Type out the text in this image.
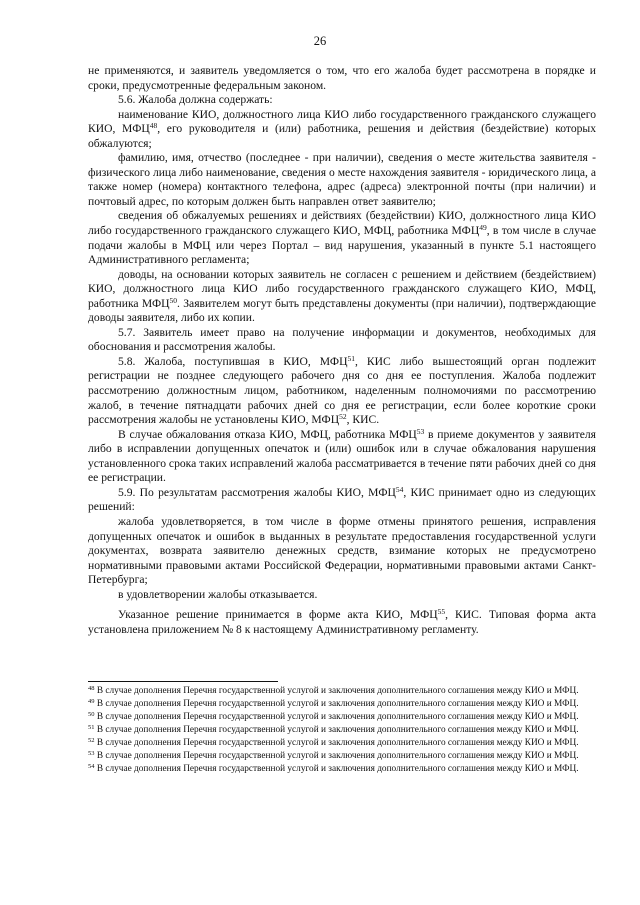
26

не применяются, и заявитель уведомляется о том, что его жалоба будет рассмотрена в порядке и сроки, предусмотренные федеральным законом.

5.6. Жалоба должна содержать:

наименование КИО, должностного лица КИО либо государственного гражданского служащего КИО, МФЦ$^{48}$, его руководителя и (или) работника, решения и действия (бездействие) которых обжалуются;

фамилию, имя, отчество (последнее - при наличии), сведения о месте жительства заявителя - физического лица либо наименование, сведения о месте нахождения заявителя - юридического лица, а также номер (номера) контактного телефона, адрес (адреса) электронной почты (при наличии) и почтовый адрес, по которым должен быть направлен ответ заявителю;

сведения об обжалуемых решениях и действиях (бездействии) КИО, должностного лица КИО либо государственного гражданского служащего КИО, МФЦ, работника МФЦ$^{49}$, в том числе в случае подачи жалобы в МФЦ или через Портал – вид нарушения, указанный в пункте 5.1 настоящего Административного регламента;

доводы, на основании которых заявитель не согласен с решением и действием (бездействием) КИО, должностного лица КИО либо государственного гражданского служащего КИО, МФЦ, работника МФЦ$^{50}$. Заявителем могут быть представлены документы (при наличии), подтверждающие доводы заявителя, либо их копии.

5.7. Заявитель имеет право на получение информации и документов, необходимых для обоснования и рассмотрения жалобы.

5.8. Жалоба, поступившая в КИО, МФЦ$^{51}$, КИС либо вышестоящий орган подлежит регистрации не позднее следующего рабочего дня со дня ее поступления. Жалоба подлежит рассмотрению должностным лицом, работником, наделенным полномочиями по рассмотрению жалоб, в течение пятнадцати рабочих дней со дня ее регистрации, если более короткие сроки рассмотрения жалобы не установлены КИО, МФЦ$^{52}$, КИС.

В случае обжалования отказа КИО, МФЦ, работника МФЦ$^{53}$ в приеме документов у заявителя либо в исправлении допущенных опечаток и (или) ошибок или в случае обжалования нарушения установленного срока таких исправлений жалоба рассматривается в течение пяти рабочих дней со дня ее регистрации.

5.9. По результатам рассмотрения жалобы КИО, МФЦ$^{54}$, КИС принимает одно из следующих решений:

жалоба удовлетворяется, в том числе в форме отмены принятого решения, исправления допущенных опечаток и ошибок в выданных в результате предоставления государственной услуги документах, возврата заявителю денежных средств, взимание которых не предусмотрено нормативными правовыми актами Российской Федерации, нормативными правовыми актами Санкт-Петербурга;

в удовлетворении жалобы отказывается.

Указанное решение принимается в форме акта КИО, МФЦ$^{55}$, КИС. Типовая форма акта установлена приложением № 8 к настоящему Административному регламенту.

$^{48}$ В случае дополнения Перечня государственной услугой и заключения дополнительного соглашения между КИО и МФЦ.

$^{49}$ В случае дополнения Перечня государственной услугой и заключения дополнительного соглашения между КИО и МФЦ.

$^{50}$ В случае дополнения Перечня государственной услугой и заключения дополнительного соглашения между КИО и МФЦ.

$^{51}$ В случае дополнения Перечня государственной услугой и заключения дополнительного соглашения между КИО и МФЦ.

$^{52}$ В случае дополнения Перечня государственной услугой и заключения дополнительного соглашения между КИО и МФЦ.

$^{53}$ В случае дополнения Перечня государственной услугой и заключения дополнительного соглашения между КИО и МФЦ.

$^{54}$ В случае дополнения Перечня государственной услугой и заключения дополнительного соглашения между КИО и МФЦ.
